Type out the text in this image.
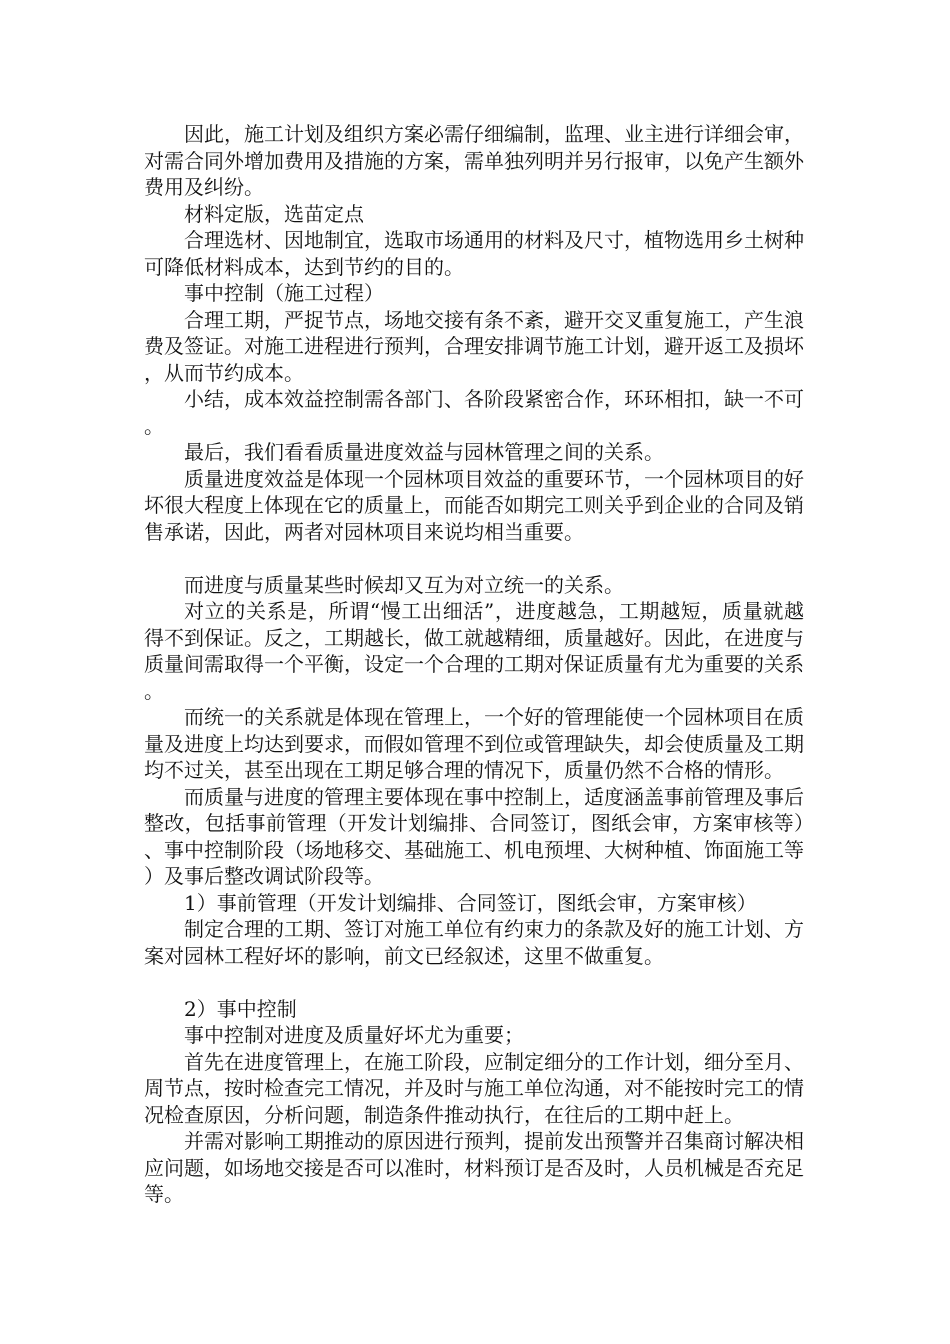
因此，施工计划及组织方案必需仔细编制，监理、业主进行详细会审，对需合同外增加费用及措施的方案，需单独列明并另行报审，以免产生额外费用及纠纷。

材料定版，选苗定点

合理选材、因地制宜，选取市场通用的材料及尺寸，植物选用乡土树种可降低材料成本，达到节约的目的。

事中控制（施工过程）

合理工期，严捉节点，场地交接有条不紊，避开交叉重复施工，产生浪费及签证。对施工进程进行预判，合理安排调节施工计划，避开返工及损坏，从而节约成本。

小结，成本效益控制需各部门、各阶段紧密合作，环环相扣，缺一不可。

最后，我们看看质量进度效益与园林管理之间的关系。

质量进度效益是体现一个园林项目效益的重要环节，一个园林项目的好坏很大程度上体现在它的质量上，而能否如期完工则关乎到企业的合同及销售承诺，因此，两者对园林项目来说均相当重要。

而进度与质量某些时候却又互为对立统一的关系。

对立的关系是，所谓“慢工出细活”，进度越急，工期越短，质量就越得不到保证。反之，工期越长，做工就越精细，质量越好。因此，在进度与质量间需取得一个平衡，设定一个合理的工期对保证质量有尤为重要的关系。

而统一的关系就是体现在管理上，一个好的管理能使一个园林项目在质量及进度上均达到要求，而假如管理不到位或管理缺失，却会使质量及工期均不过关，甚至出现在工期足够合理的情况下，质量仍然不合格的情形。

而质量与进度的管理主要体现在事中控制上，适度涵盖事前管理及事后整改，包括事前管理（开发计划编排、合同签订，图纸会审，方案审核等）、事中控制阶段（场地移交、基础施工、机电预埋、大树种植、饰面施工等）及事后整改调试阶段等。

1）事前管理（开发计划编排、合同签订，图纸会审，方案审核）

制定合理的工期、签订对施工单位有约束力的条款及好的施工计划、方案对园林工程好坏的影响，前文已经叙述，这里不做重复。

2）事中控制

事中控制对进度及质量好坏尤为重要；

首先在进度管理上，在施工阶段，应制定细分的工作计划，细分至月、周节点，按时检查完工情况，并及时与施工单位沟通，对不能按时完工的情况检查原因，分析问题，制造条件推动执行，在往后的工期中赶上。

并需对影响工期推动的原因进行预判，提前发出预警并召集商讨解决相应问题，如场地交接是否可以准时，材料预订是否及时，人员机械是否充足等。
